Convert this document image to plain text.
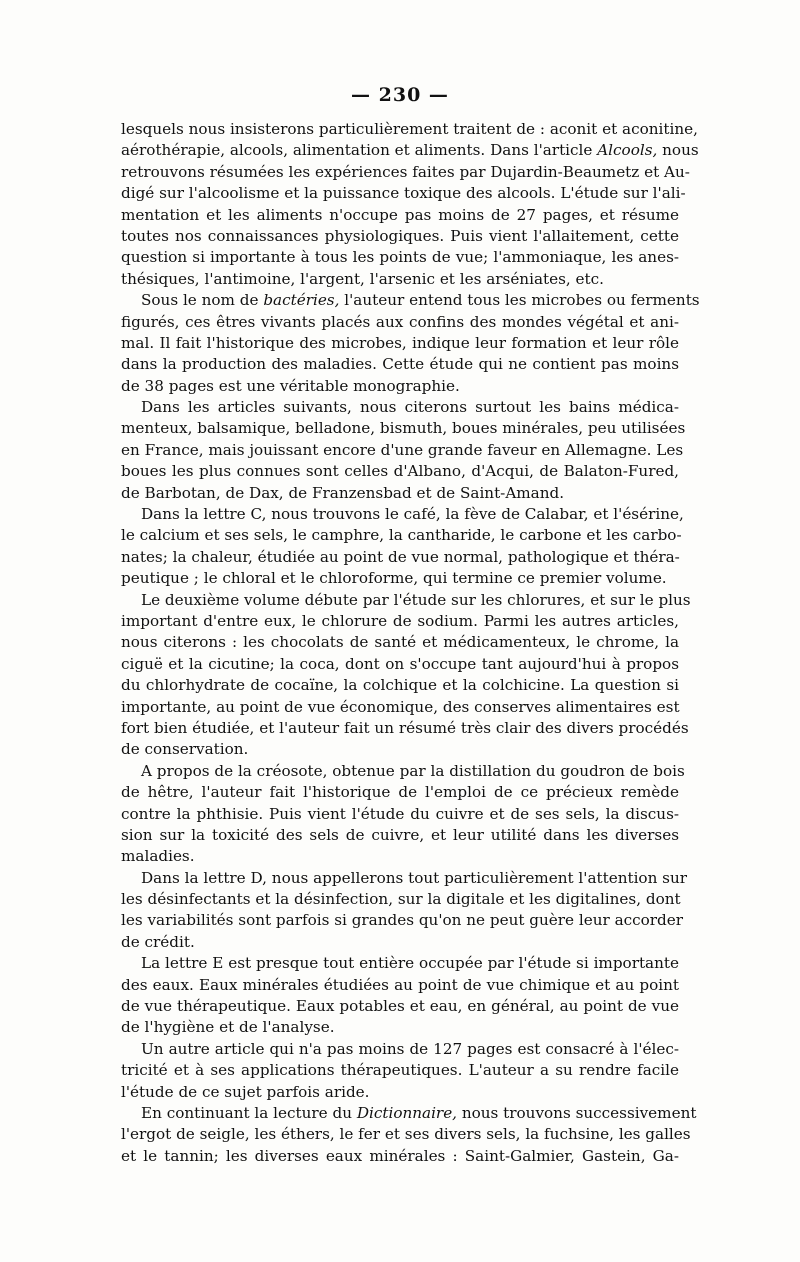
— 230 —
lesquels nous insisterons particulièrement traitent de : aconit et aconitine,
aérothérapie, alcools, alimentation et aliments. Dans l'article Alcools, nous
retrouvons résumées les expériences faites par Dujardin-Beaumetz et Au-
digé sur l'alcoolisme et la puissance toxique des alcools. L'étude sur l'ali-
mentation et les aliments n'occupe pas moins de 27 pages, et résume
toutes nos connaissances physiologiques. Puis vient l'allaitement, cette
question si importante à tous les points de vue; l'ammoniaque, les anes-
thésiques, l'antimoine, l'argent, l'arsenic et les arséniates, etc.
Sous le nom de bactéries, l'auteur entend tous les microbes ou ferments
figurés, ces êtres vivants placés aux confins des mondes végétal et ani-
mal. Il fait l'historique des microbes, indique leur formation et leur rôle
dans la production des maladies. Cette étude qui ne contient pas moins
de 38 pages est une véritable monographie.
Dans les articles suivants, nous citerons surtout les bains médica-
menteux, balsamique, belladone, bismuth, boues minérales, peu utilisées
en France, mais jouissant encore d'une grande faveur en Allemagne. Les
boues les plus connues sont celles d'Albano, d'Acqui, de Balaton-Fured,
de Barbotan, de Dax, de Franzensbad et de Saint-Amand.
Dans la lettre C, nous trouvons le café, la fève de Calabar, et l'ésérine,
le calcium et ses sels, le camphre, la cantharide, le carbone et les carbo-
nates; la chaleur, étudiée au point de vue normal, pathologique et théra-
peutique ; le chloral et le chloroforme, qui termine ce premier volume.
Le deuxième volume débute par l'étude sur les chlorures, et sur le plus
important d'entre eux, le chlorure de sodium. Parmi les autres articles,
nous citerons : les chocolats de santé et médicamenteux, le chrome, la
ciguë et la cicutine; la coca, dont on s'occupe tant aujourd'hui à propos
du chlorhydrate de cocaïne, la colchique et la colchicine. La question si
importante, au point de vue économique, des conserves alimentaires est
fort bien étudiée, et l'auteur fait un résumé très clair des divers procédés
de conservation.
A propos de la créosote, obtenue par la distillation du goudron de bois
de hêtre, l'auteur fait l'historique de l'emploi de ce précieux remède
contre la phthisie. Puis vient l'étude du cuivre et de ses sels, la discus-
sion sur la toxicité des sels de cuivre, et leur utilité dans les diverses
maladies.
Dans la lettre D, nous appellerons tout particulièrement l'attention sur
les désinfectants et la désinfection, sur la digitale et les digitalines, dont
les variabilités sont parfois si grandes qu'on ne peut guère leur accorder
de crédit.
La lettre E est presque tout entière occupée par l'étude si importante
des eaux. Eaux minérales étudiées au point de vue chimique et au point
de vue thérapeutique. Eaux potables et eau, en général, au point de vue
de l'hygiène et de l'analyse.
Un autre article qui n'a pas moins de 127 pages est consacré à l'élec-
tricité et à ses applications thérapeutiques. L'auteur a su rendre facile
l'étude de ce sujet parfois aride.
En continuant la lecture du Dictionnaire, nous trouvons successivement
l'ergot de seigle, les éthers, le fer et ses divers sels, la fuchsine, les galles
et le tannin; les diverses eaux minérales : Saint-Galmier, Gastein, Ga-
